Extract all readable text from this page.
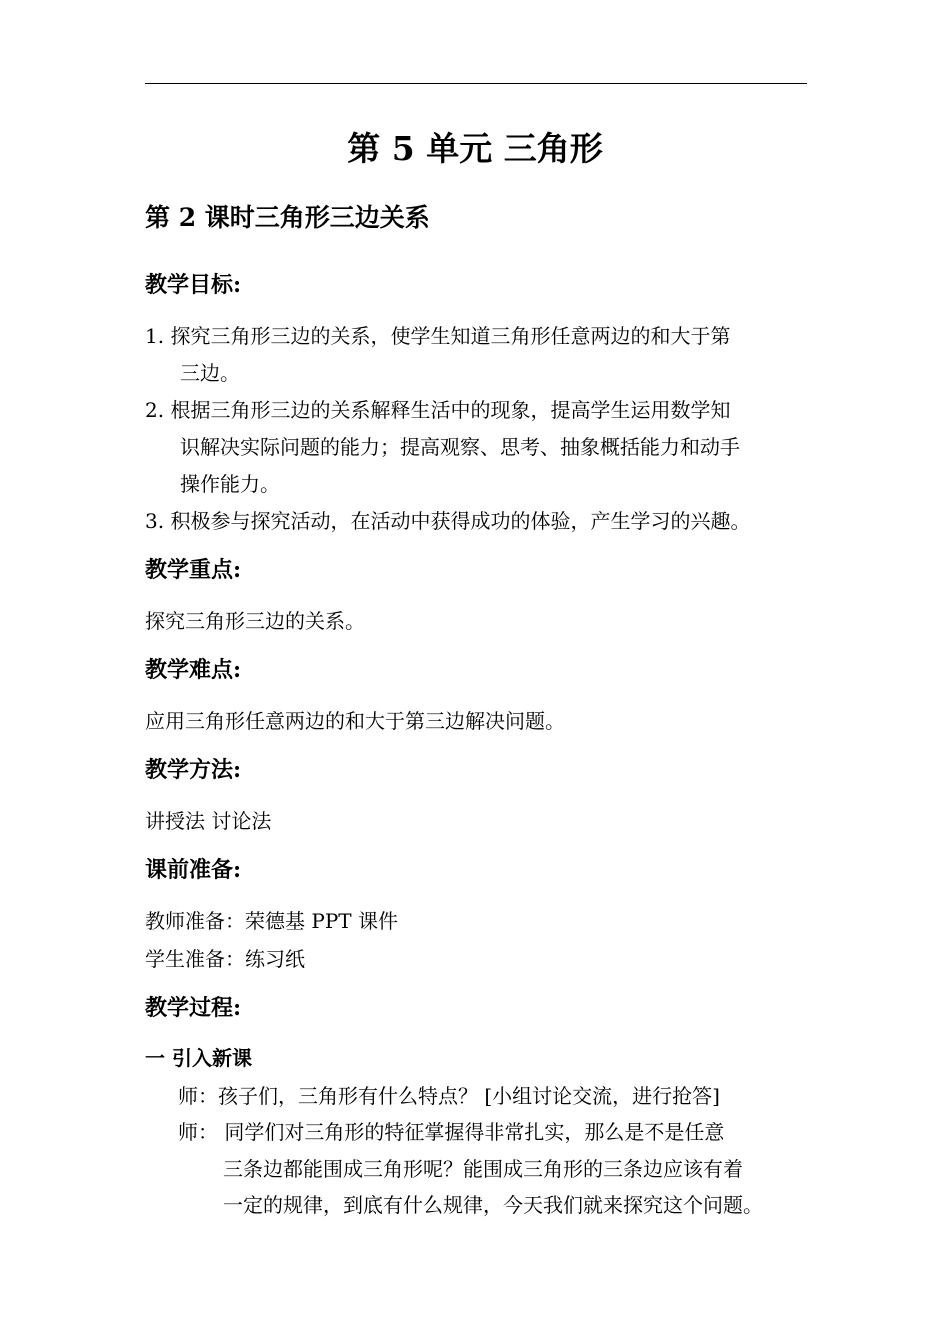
第 5 单元 三角形
第 2 课时三角形三边关系
教学目标:
1. 探究三角形三边的关系，使学生知道三角形任意两边的和大于第
三边。
2. 根据三角形三边的关系解释生活中的现象，提高学生运用数学知
识解决实际问题的能力；提高观察、思考、抽象概括能力和动手
操作能力。
3. 积极参与探究活动，在活动中获得成功的体验，产生学习的兴趣。
教学重点:
探究三角形三边的关系。
教学难点:
应用三角形任意两边的和大于第三边解决问题。
教学方法:
讲授法 讨论法
课前准备:
教师准备：荣德基 PPT 课件
学生准备：练习纸
教学过程:
一 引入新课
师：孩子们，三角形有什么特点？ [小组讨论交流，进行抢答]
师： 同学们对三角形的特征掌握得非常扎实，那么是不是任意
三条边都能围成三角形呢？能围成三角形的三条边应该有着
一定的规律，到底有什么规律，今天我们就来探究这个问题。
